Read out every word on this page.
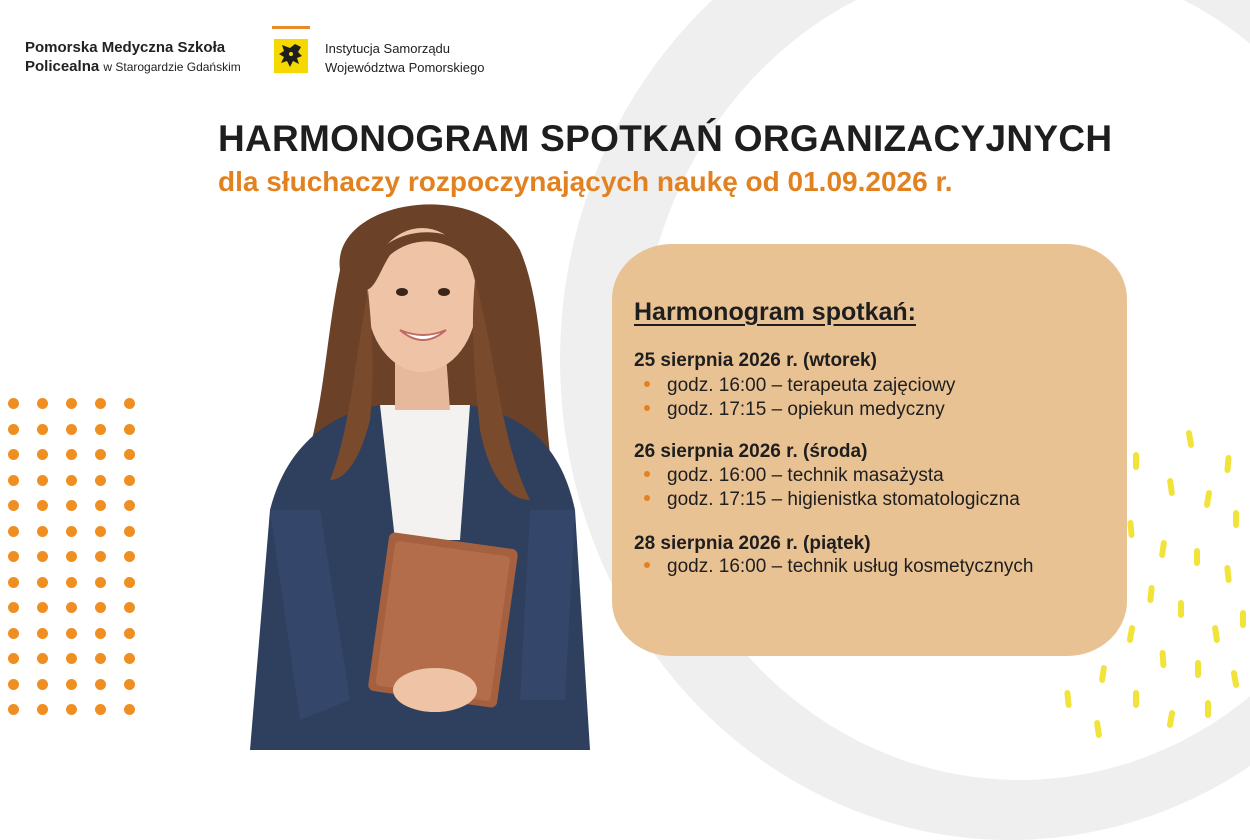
Pomorska Medyczna Szkoła
Policealna w Starogardzie Gdańskim
Instytucja Samorządu
Województwa Pomorskiego
HARMONOGRAM SPOTKAŃ ORGANIZACYJNYCH
dla słuchaczy rozpoczynających naukę od 01.09.2026 r.
Harmonogram spotkań:
25 sierpnia 2026 r. (wtorek)
godz. 16:00 – terapeuta zajęciowy
godz. 17:15 – opiekun medyczny
26 sierpnia 2026 r. (środa)
godz. 16:00 – technik masażysta
godz. 17:15 – higienistka stomatologiczna
28 sierpnia 2026 r. (piątek)
godz. 16:00 – technik usług kosmetycznych
